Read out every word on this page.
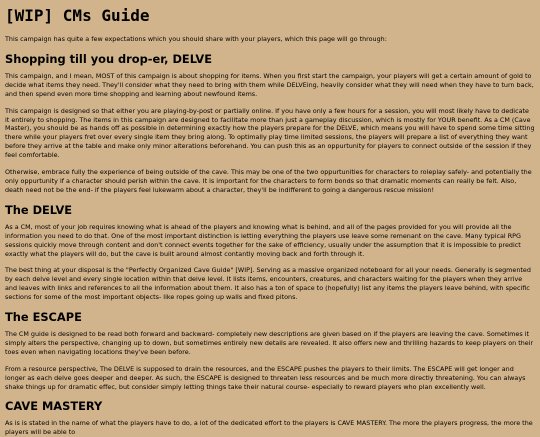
[WIP] CMs Guide

This campaign has quite a few expectations which you should share with your players, which this page will go through:

Shopping till you drop-er, DELVE

This campaign, and I mean, MOST of this campaign is about shopping for items. When you first start the campaign, your players will get a certain amount of gold to decide what items they need. They'll consider what they need to bring with them while DELVEing, heavily consider what they will need when they have to turn back, and then spend even more time shopping and learning about newfound items.

This campaign is designed so that either you are playing-by-post or partially online. If you have only a few hours for a session, you will most likely have to dedicate it entirely to shopping. The items in this campaign are designed to facilitate more than just a gameplay discussion, which is mostly for YOUR benefit. As a CM (Cave Master), you should be as hands off as possible in determining exactly how the players prepare for the DELVE, which means you will have to spend some time sitting there while your players fret over every single item they bring along. To optimally play time limited sessions, the players will prepare a list of everything they want before they arrive at the table and make only minor alterations beforehand. You can push this as an oppurtunity for players to connect outside of the session if they feel comfortable.

Otherwise, embrace fully the experience of being outside of the cave. This may be one of the two oppurtunities for characters to roleplay safely- and potentially the only oppurtunity if a character should perish within the cave. It is important for the characters to form bonds so that dramatic moments can really be felt. Also, death need not be the end- if the players feel lukewarm about a character, they'll be indifferent to going a dangerous rescue mission!

The DELVE

As a CM, most of your job requires knowing what is ahead of the players and knowing what is behind, and all of the pages provided for you will provide all the information you need to do that. One of the most important distinction is letting everything the players use leave some remenant on the cave. Many typical RPG sessions quickly move through content and don't connect events together for the sake of efficiency, usually under the assumption that it is impossible to predict exactly what the players will do, but the cave is built around almost contantly moving back and forth through it.

The best thing at your disposal is the "Perfectly Organized Cave Guide" [WIP]. Serving as a massive organized noteboard for all your needs. Generally is segmented by each delve level and every single location within that delve level. It lists items, encounters, creatures, and characters waiting for the players when they arrive and leaves with links and references to all the information about them. It also has a ton of space to (hopefully) list any items the players leave behind, with specific sections for some of the most important objects- like ropes going up walls and fixed pitons.

The ESCAPE

The CM guide is designed to be read both forward and backward- completely new descriptions are given based on if the players are leaving the cave. Sometimes it simply alters the perspective, changing up to down, but sometimes entirely new details are revealed. It also offers new and thrilling hazards to keep players on their toes even when navigating locations they've been before.

From a resource perspective, The DELVE is supposed to drain the resources, and the ESCAPE pushes the players to their limits. The ESCAPE will get longer and longer as each delve goes deeper and deeper. As such, the ESCAPE is designed to threaten less resources and be much more directly threatening. You can always shake things up for dramatic effec, but consider simply letting things take their natural course- especially to reward players who plan excellently well.

CAVE MASTERY

As is is stated in the name of what the players have to do, a lot of the dedicated effort to the players is CAVE MASTERY. The more the players progress, the more the players will be able to
